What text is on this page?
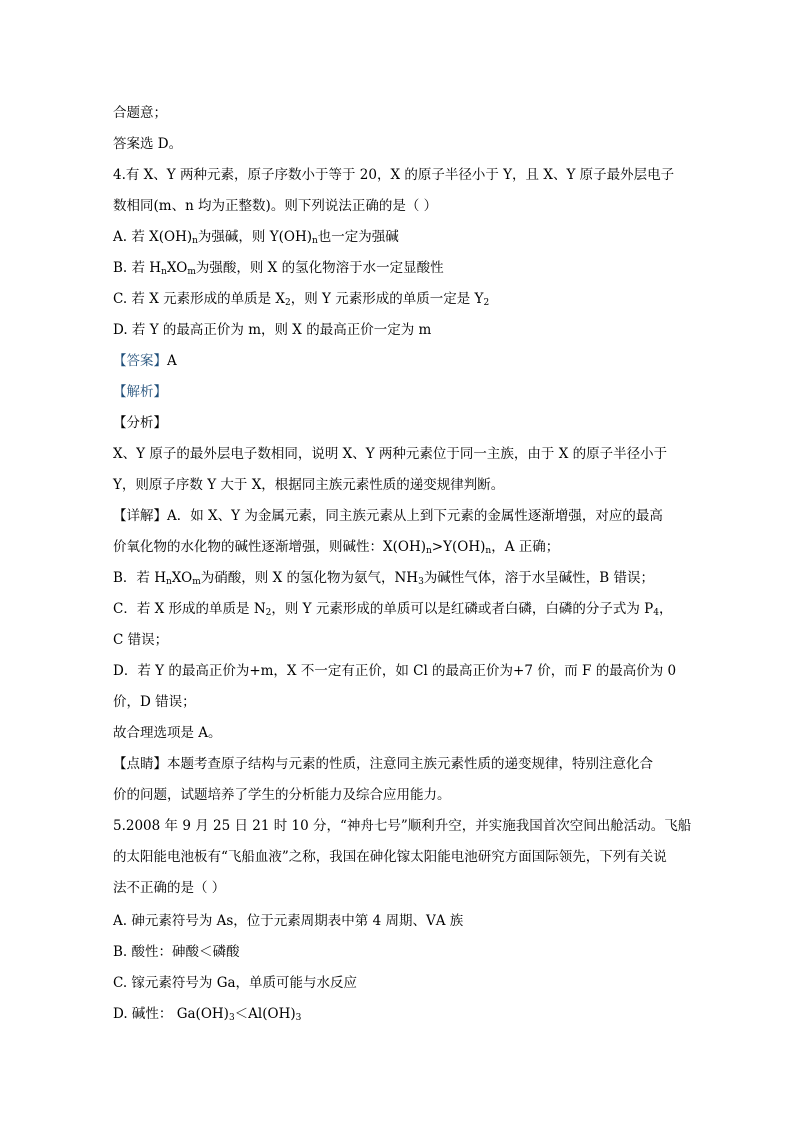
合题意；
答案选 D。
4.有 X、Y 两种元素，原子序数小于等于 20，X 的原子半径小于 Y，且 X、Y 原子最外层电子
数相同(m、n 均为正整数)。则下列说法正确的是（ ）
A. 若 $X(OH)_n$为强碱，则 $Y(OH)_n$也一定为强碱
B. 若 $H_nXO_m$为强酸，则 X 的氢化物溶于水一定显酸性
C. 若 X 元素形成的单质是 $X_2$，则 Y 元素形成的单质一定是 $Y_2$
D. 若 Y 的最高正价为 m，则 X 的最高正价一定为 m
【答案】A
【解析】
【分析】
X、Y 原子的最外层电子数相同，说明 X、Y 两种元素位于同一主族，由于 X 的原子半径小于
Y，则原子序数 Y 大于 X，根据同主族元素性质的递变规律判断。
【详解】A．如 X、Y 为金属元素，同主族元素从上到下元素的金属性逐渐增强，对应的最高
价氧化物的水化物的碱性逐渐增强，则碱性：$X(OH)_n>Y(OH)_n$，A 正确；
B．若 $H_nXO_m$为硝酸，则 X 的氢化物为氨气，$NH_3$为碱性气体，溶于水呈碱性，B 错误；
C．若 X 形成的单质是 $N_2$，则 Y 元素形成的单质可以是红磷或者白磷，白磷的分子式为 $P_4$，
C 错误；
D．若 Y 的最高正价为+m，X 不一定有正价，如 Cl 的最高正价为+7 价，而 F 的最高价为 0
价，D 错误；
故合理选项是 A。
【点睛】本题考查原子结构与元素的性质，注意同主族元素性质的递变规律，特别注意化合
价的问题，试题培养了学生的分析能力及综合应用能力。
5.2008 年 9 月 25 日 21 时 10 分，“神舟七号”顺利升空，并实施我国首次空间出舱活动。飞船
的太阳能电池板有“飞船血液”之称，我国在砷化镓太阳能电池研究方面国际领先，下列有关说
法不正确的是（ ）
A. 砷元素符号为 As，位于元素周期表中第 4 周期、ⅤA 族
B. 酸性：砷酸＜磷酸
C. 镓元素符号为 Ga，单质可能与水反应
D. 碱性： $Ga(OH)_3<Al(OH)_3$
